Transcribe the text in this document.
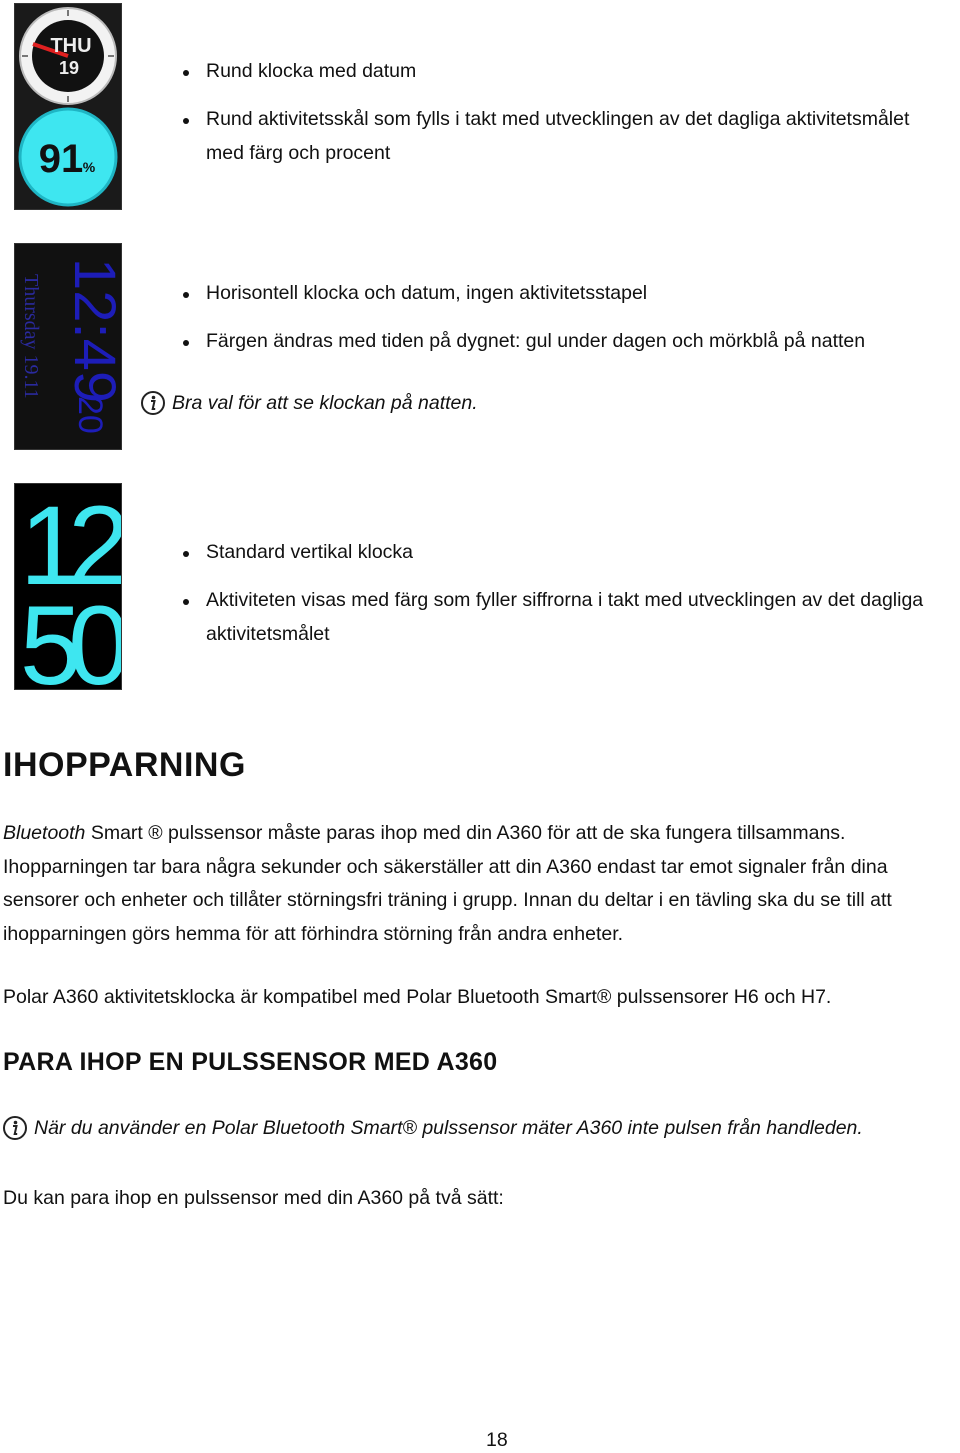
THU
19
91 %
Rund klocka med datum
Rund aktivitetsskål som fylls i takt med utvecklingen av det dagliga aktivitetsmålet
med färg och procent
12:49
20
Thursday 19.11	Horisontell klocka och datum, ingen aktivitetsstapel
Färgen ändras med tiden på dygnet: gul under dagen och mörkblå på natten
Bra val för att se klockan på natten.
12
50
Standard vertikal klocka
Aktiviteten visas med färg som fyller siffrorna i takt med utvecklingen av det dagliga
aktivitetsmålet
IHOPPARNING

Bluetooth Smart ® pulssensor måste paras ihop med din A360 för att de ska fungera tillsammans.
Ihopparningen tar bara några sekunder och säkerställer att din A360 endast tar emot signaler från dina
sensorer och enheter och tillåter störningsfri träning i grupp. Innan du deltar i en tävling ska du se till att
ihopparningen görs hemma för att förhindra störning från andra enheter.

Polar A360 aktivitetsklocka är kompatibel med Polar Bluetooth Smart® pulssensorer H6 och H7.

PARA IHOP EN PULSSENSOR MED A360
När du använder en Polar Bluetooth Smart® pulssensor mäter A360 inte pulsen från handleden.

Du kan para ihop en pulssensor med din A360 på två sätt:

18
